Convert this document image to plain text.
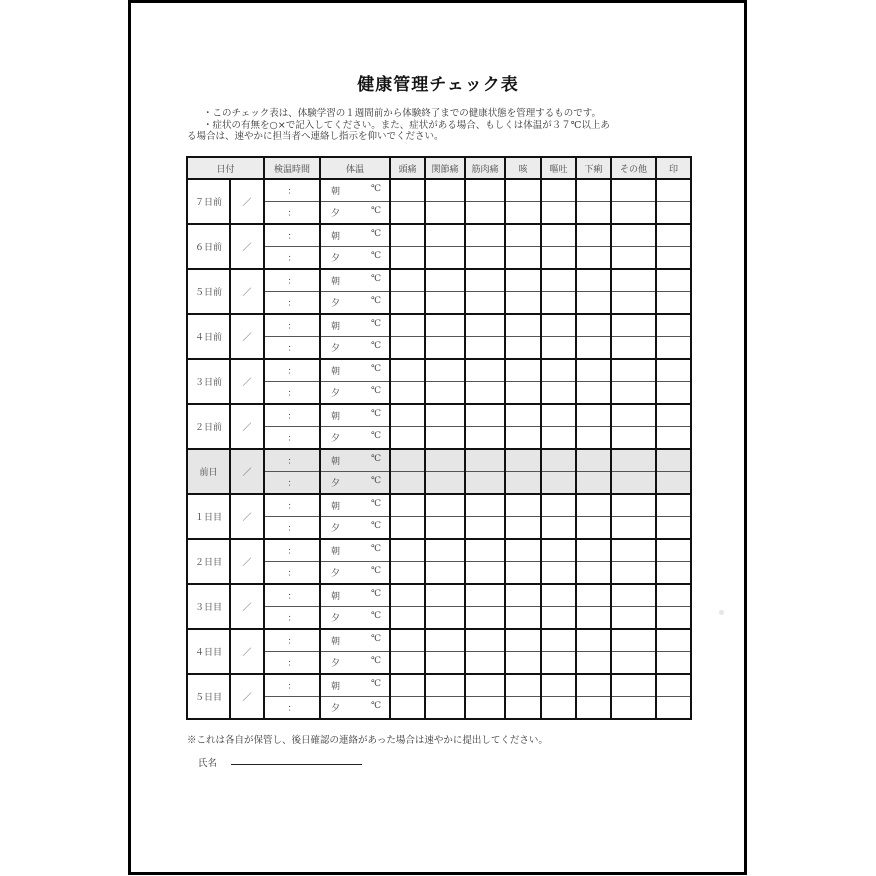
健康管理チェック表
・このチェック表は、体験学習の１週間前から体験終了までの健康状態を管理するものです。
・症状の有無を○×で記入してください。また、症状がある場合、もしくは体温が３７℃以上あ
る場合は、速やかに担当者へ連絡し指示を仰いでください。
日付		検温時間	体温	頭痛	関節痛	筋肉痛	咳	嘔吐	下痢	その他	印
７日前	／	：	朝 ℃								

		：	夕 ℃								

６日前	／	：	朝 ℃								

		：	夕 ℃								

５日前	／	：	朝 ℃								

		：	夕 ℃								

４日前	／	：	朝 ℃								

		：	夕 ℃								

３日前	／	：	朝 ℃								

		：	夕 ℃								

２日前	／	：	朝 ℃								

		：	夕 ℃								

前日	／	：	朝 ℃								

		：	夕 ℃								

１日目	／	：	朝 ℃								

		：	夕 ℃								

２日目	／	：	朝 ℃								

		：	夕 ℃								

３日目	／	：	朝 ℃								

		：	夕 ℃								

４日目	／	：	朝 ℃								

		：	夕 ℃								

５日目	／	：	朝 ℃								

		：	夕 ℃								

※これは各自が保管し、後日確認の連絡があった場合は速やかに提出してください。
氏名
